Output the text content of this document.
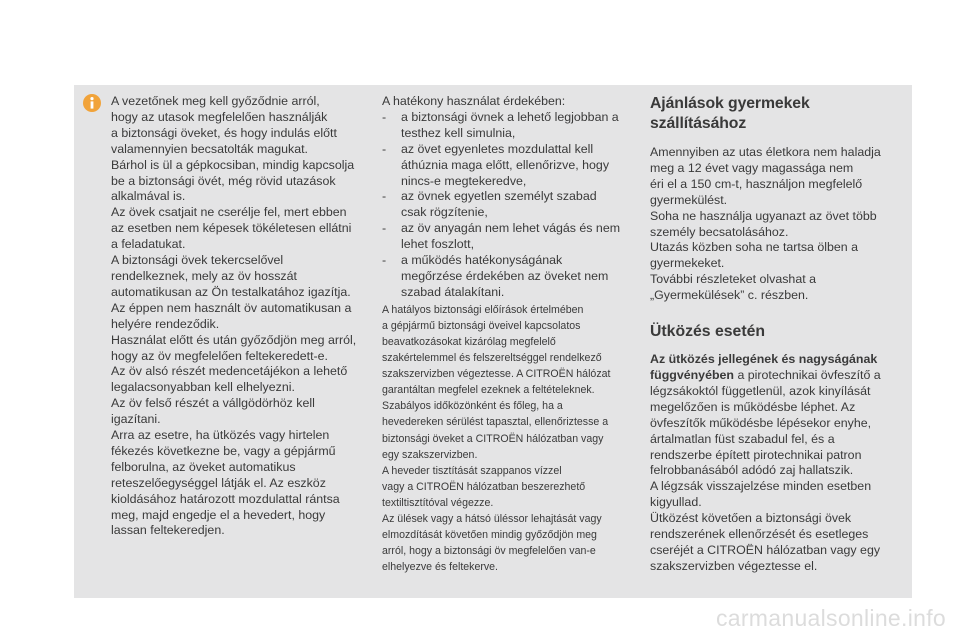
A vezetőnek meg kell győződnie arról,

hogy az utasok megfelelően használják

a biztonsági öveket, és hogy indulás előtt

valamennyien becsatolták magukat.

Bárhol is ül a gépkocsiban, mindig kapcsolja

be a biztonsági övét, még rövid utazások

alkalmával is.

Az övek csatjait ne cserélje fel, mert ebben

az esetben nem képesek tökéletesen ellátni

a feladatukat.

A biztonsági övek tekercselővel

rendelkeznek, mely az öv hosszát

automatikusan az Ön testalkatához igazítja.

Az éppen nem használt öv automatikusan a

helyére rendeződik.

Használat előtt és után győződjön meg arról,

hogy az öv megfelelően feltekeredett-e.

Az öv alsó részét medencetájékon a lehető

legalacsonyabban kell elhelyezni.

Az öv felső részét a vállgödörhöz kell

igazítani.

Arra az esetre, ha ütközés vagy hirtelen

fékezés következne be, vagy a gépjármű

felborulna, az öveket automatikus

reteszelőegységgel látják el. Az eszköz

kioldásához határozott mozdulattal rántsa

meg, majd engedje el a hevedert, hogy

lassan feltekeredjen.

A hatékony használat érdekében:

-	a biztonsági övnek a lehető legjobban a
testhez kell simulnia,
-	az övet egyenletes mozdulattal kell
áthúznia maga előtt, ellenőrizve, hogy
nincs-e megtekeredve,
-	az övnek egyetlen személyt szabad
csak rögzítenie,
-	az öv anyagán nem lehet vágás és nem
lehet foszlott,
-	a működés hatékonyságának
megőrzése érdekében az öveket nem
szabad átalakítani.

A hatályos biztonsági előírások értelmében

a gépjármű biztonsági öveivel kapcsolatos

beavatkozásokat kizárólag megfelelő

szakértelemmel és felszereltséggel rendelkező

szakszervizben végeztesse. A CITROËN hálózat

garantáltan megfelel ezeknek a feltételeknek.

Szabályos időközönként és főleg, ha a

hevedereken sérülést tapasztal, ellenőriztesse a

biztonsági öveket a CITROËN hálózatban vagy

egy szakszervizben.

A heveder tisztítását szappanos vízzel

vagy a CITROËN hálózatban beszerezhető

textiltisztítóval végezze.

Az ülések vagy a hátsó üléssor lehajtását vagy

elmozdítását követően mindig győződjön meg

arról, hogy a biztonsági öv megfelelően van-e

elhelyezve és feltekerve.

Ajánlások gyermekek szállításához

Amennyiben az utas életkora nem haladja

meg a 12 évet vagy magassága nem

éri el a 150 cm-t, használjon megfelelő

gyermekülést.

Soha ne használja ugyanazt az övet több

személy becsatolásához.

Utazás közben soha ne tartsa ölben a

gyermekeket.

További részleteket olvashat a

„Gyermekülések” c. részben.

Ütközés esetén

Az ütközés jellegének és nagyságának

függvényében a pirotechnikai övfeszítő a

légzsákoktól függetlenül, azok kinyílását

megelőzően is működésbe léphet. Az

övfeszítők működésbe lépésekor enyhe,

ártalmatlan füst szabadul fel, és a

rendszerbe épített pirotechnikai patron

felrobbanásából adódó zaj hallatszik.

A légzsák visszajelzése minden esetben

kigyullad.

Ütközést követően a biztonsági övek

rendszerének ellenőrzését és esetleges

cseréjét a CITROËN hálózatban vagy egy

szakszervizben végeztesse el.

carmanualsonline.info
